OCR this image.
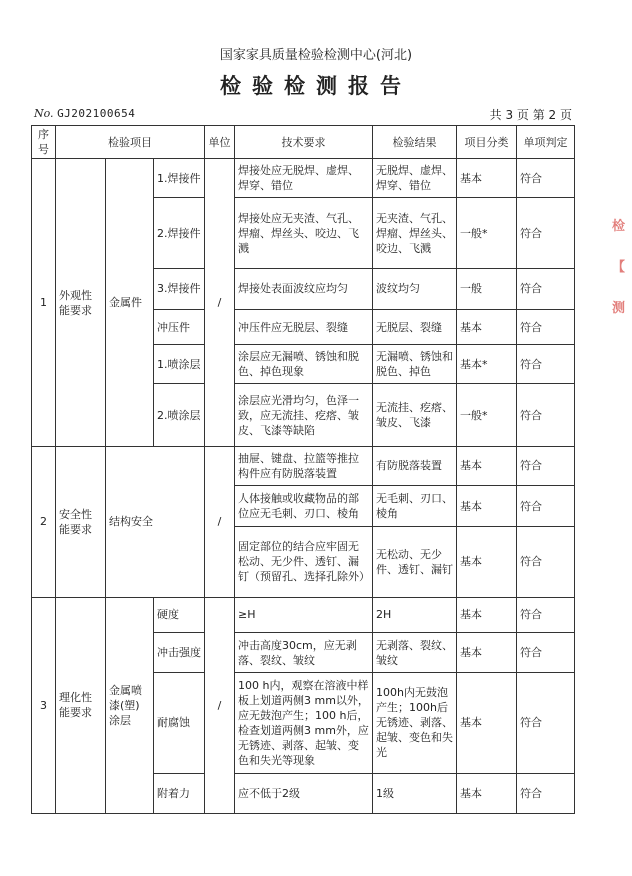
国家家具质量检验检测中心(河北)
检验检测报告
No. GJ202100654	共 3 页 第 2 页
序号	检验项目			单位	技术要求	检验结果	项目分类	单项判定
1	外观性能要求	金属件	1.焊接件	/	焊接处应无脱焊、虚焊、焊穿、错位	无脱焊、虚焊、焊穿、错位	基本	符合
			2.焊接件		焊接处应无夹渣、气孔、焊瘤、焊丝头、咬边、飞溅	无夹渣、气孔、焊瘤、焊丝头、咬边、飞溅	一般*	符合
			3.焊接件		焊接处表面波纹应均匀	波纹均匀	一般	符合
			冲压件		冲压件应无脱层、裂缝	无脱层、裂缝	基本	符合
			1.喷涂层		涂层应无漏喷、锈蚀和脱色、掉色现象	无漏喷、锈蚀和脱色、掉色	基本*	符合
			2.喷涂层		涂层应光滑均匀，色泽一致，应无流挂、疙瘩、皱皮、飞漆等缺陷	无流挂、疙瘩、皱皮、飞漆	一般*	符合
2	安全性能要求	结构安全		/	抽屉、键盘、拉篮等推拉构件应有防脱落装置	有防脱落装置	基本	符合
					人体接触或收藏物品的部位应无毛刺、刃口、棱角	无毛刺、刃口、棱角	基本	符合
					固定部位的结合应牢固无松动、无少件、透钉、漏钉（预留孔、选择孔除外）	无松动、无少件、透钉、漏钉	基本	符合
3	理化性能要求	金属喷漆(塑)涂层	硬度	/	≥H	2H	基本	符合
			冲击强度		冲击高度30cm，应无剥落、裂纹、皱纹	无剥落、裂纹、皱纹	基本	符合
			耐腐蚀		100 h内，观察在溶液中样板上划道两侧3 mm以外，应无鼓泡产生；100 h后，检查划道两侧3 mm外，应无锈迹、剥落、起皱、变色和失光等现象	100h内无鼓泡产生；100h后无锈迹、剥落、起皱、变色和失光	基本	符合
			附着力		应不低于2级	1级	基本	符合
检
【
测
